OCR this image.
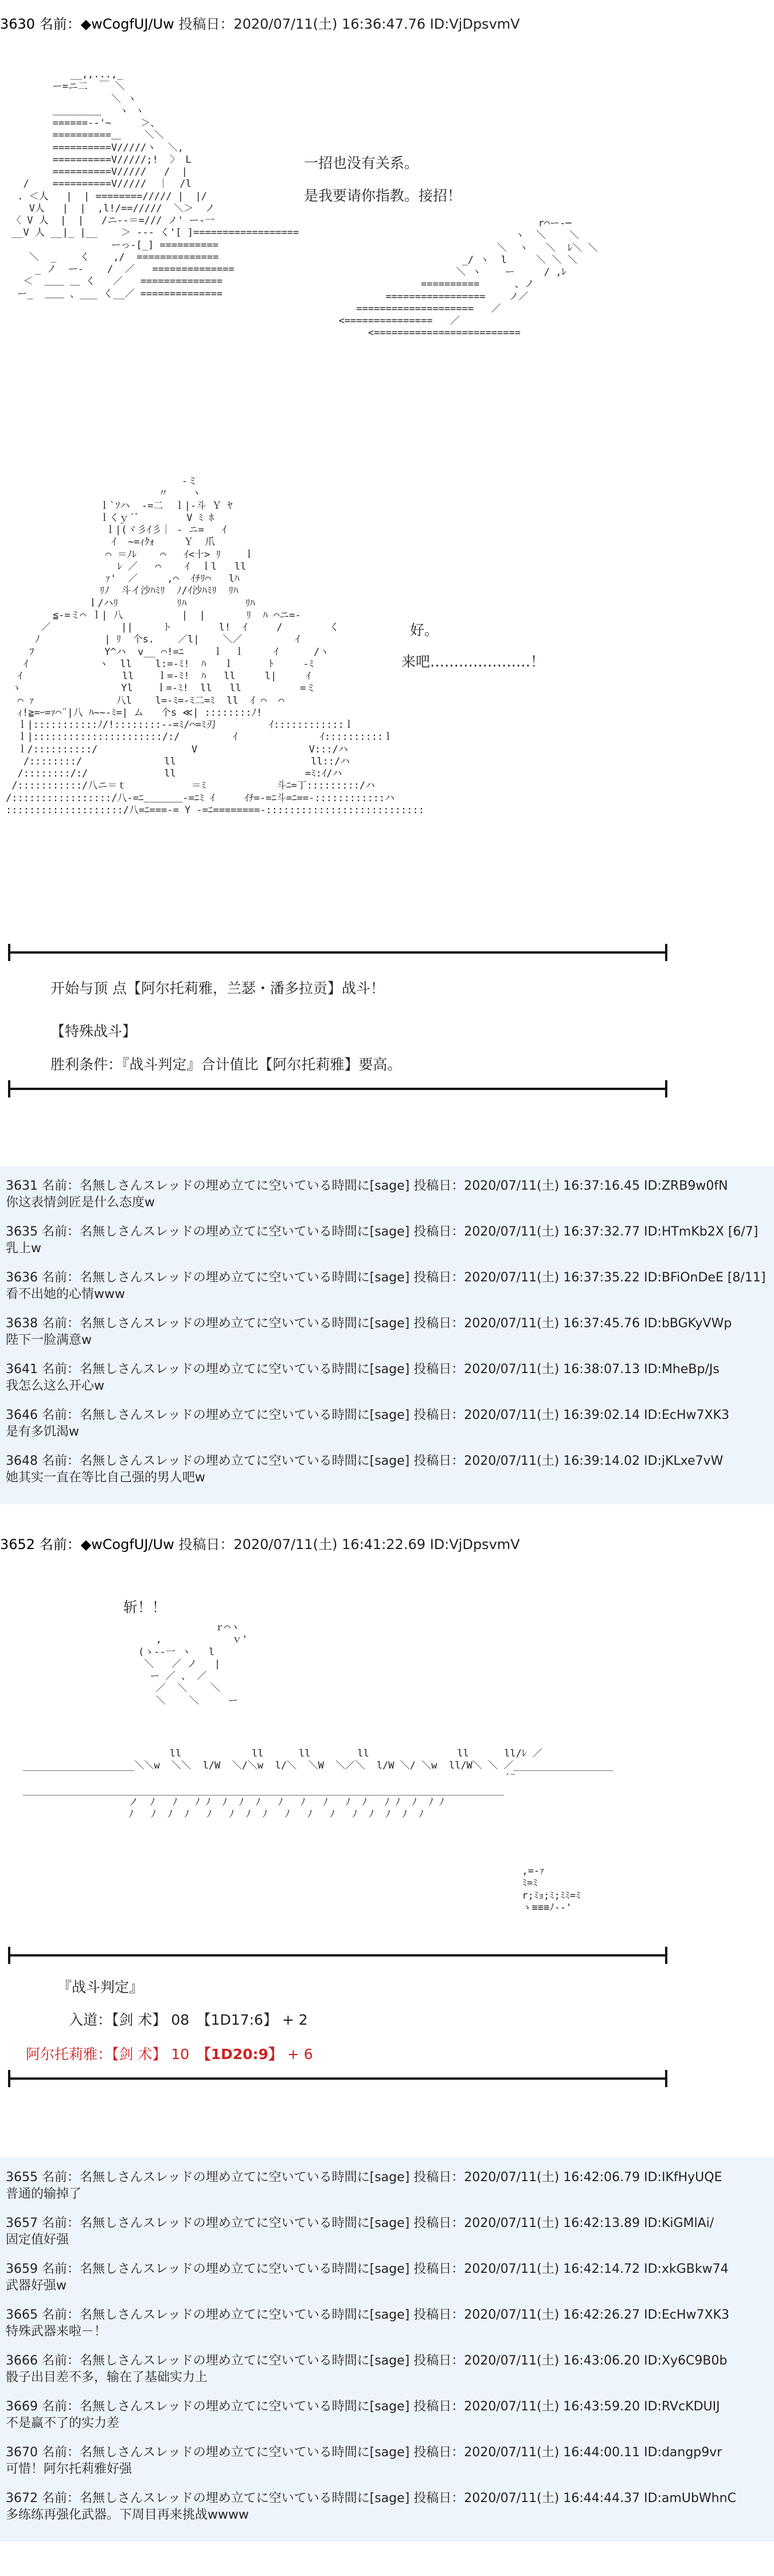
3630 名前：◆wCogfUJ/Uw 投稿日：2020/07/11(土) 16:36:47.76 ID:VjDpsvmV
__,,...,_
ー=ニ二  ￣ ＼
＼ ヽ
＿＿＿＿＿   ヽ ヽ
======-‐'~     ＞、
==========＿    ＼＼
==========V/////ヽ  ＼,
==========V/////;!  〉 L
==========V/////   /  |
/    ==========V/////  ｜  /l
. ＜人   |  | ========///// |  |/
V人   |  |  ,l!/==/////  ＼＞  ノ
〈 V 人  |  |   /ニ--＝=/// ノ' ー-一
__V 人 __|_ |__    ＞ --- く'[ ]==================
ーっ‐[_] ==========
＼  _    く    ,/  ==============
_ ノ  ー‐    /  ／   ==============
＜  ＿＿ ＿ く   ／   ==============
ー_  ＿＿ 、___ く__／ ==============

r⌒ー‐─
ヽ  ＼    ＼
＼  ヽ   ＼  ﾚ＼ ＼
_/ ヽ  l     ＼ ＼ ＼
＼ ヽ    ー     / ,ﾚ
==========      、ノ
=================    ノ／
====================   ／
<===============   ／
<=========================

一招也没有关系。
是我要请你指教。接招！
-ミ
〃    ヽ
ｌ`ｿハ  -=二  ｌ|-斗 Ｙ ﾔ
ｌくｙ´ﾞ        V ﾐ ﾎ
ｌ|(ヾ彡ｲ彡｜ ‐ ニ=   ｲ
ｲ  ~=ｨｸｫ     Ｙ  爪
⌒ ＝ﾉﾚ    ⌒   ｲ<十> ﾘ    ｌ
ﾚ ／   ⌒    ｲ  ｌl   ll
ｧ'  ／     ,⌒  ｲﾁﾘ⌒   lﾊ
ﾘﾉ  斗イ沙ﾊﾐﾘ  ﾉ/ｲ沙ﾊﾐﾘ  ﾘﾊ
ｌ/ハﾘ          ﾘﾊ          ﾘﾊ
≦-=ミ⌒ ｌ| 八          |  |       ﾘ  ﾊ ⌒ニ=-
／            ||     ト        l!  ｲ     /        く
ﾉ           | ﾘ  个s.    ／l|    ＼／         ｲ
ﾌ            Y^ハ  v__ ⌒!=ﾆ     ｌ  ｌ     ｲ      /ヽ
ｲ            ヽ  ll    l:=-ﾐ!  ﾊ   ｌ      ﾄ     -ﾐ
ｲ                 ll    ｌ=-ﾐ!  ﾊ   ll     l|     ｲ
ゝ                 Yl    ｌ=-ﾐ!  ll   ll          =ミ
⌒ ｧ              八l    l=-ﾐ=-ﾐ二=ﾐ  ll  ｲ ⌒  ⌒
ｨ!≧=ｰ=ｧ⌒¨|八 ﾊ~~-ﾐ=| ム   个s ≪| ::::::::ﾉ!
ｌ|:::::::::::ﾉ/!::::::::--=ﾐ/⌒=ﾐ刃         ｲ::::::::::::ｌ
ｌ|::::::::::::::::::::::/:/         ｲ              ｲ::::::::::ｌ
ｌ/::::::::::/                V                   V:::/ハ
/::::::::/              ll                       ll::/ハ
/::::::::/:/             ll                      =ﾐ:ｲ/ハ
/:::::::::::/八ニ＝ｔ           ＝ﾐ            斗ﾆ=丁:::::::::/ハ
/:::::::::::::::::/八-=ﾆ＿＿＿＿-=ﾆﾐ ｲ     ｲﾁ=-=ﾆ斗=ﾆ==-::::::::::::ハ
::::::::::::::::::::/八=ﾆ===-= Y -=ﾆ========-:::::::::::::::::::::::::::

好。
来吧…………………！
开始与顶 点【阿尔托莉雅，兰瑟・潘多拉贡】战斗！
【特殊战斗】
胜利条件：『战斗判定』合计值比【阿尔托莉雅】要高。
3631 名前：名無しさんスレッドの埋め立てに空いている時間に[sage] 投稿日：2020/07/11(土) 16:37:16.45 ID:ZRB9w0fN
你这表情剑匠是什么态度w
3635 名前：名無しさんスレッドの埋め立てに空いている時間に[sage] 投稿日：2020/07/11(土) 16:37:32.77 ID:HTmKb2X [6/7]
乳上w
3636 名前：名無しさんスレッドの埋め立てに空いている時間に[sage] 投稿日：2020/07/11(土) 16:37:35.22 ID:BFiOnDeE [8/11]
看不出她的心情www
3638 名前：名無しさんスレッドの埋め立てに空いている時間に[sage] 投稿日：2020/07/11(土) 16:37:45.76 ID:bBGKyVWp
陛下一脸满意w
3641 名前：名無しさんスレッドの埋め立てに空いている時間に[sage] 投稿日：2020/07/11(土) 16:38:07.13 ID:MheBp/Js
我怎么这么开心w
3646 名前：名無しさんスレッドの埋め立てに空いている時間に[sage] 投稿日：2020/07/11(土) 16:39:02.14 ID:EcHw7XK3
是有多饥渴w
3648 名前：名無しさんスレッドの埋め立てに空いている時間に[sage] 投稿日：2020/07/11(土) 16:39:14.02 ID:jKLxe7vW
她其实一直在等比自己强的男人吧w
3652 名前：◆wCogfUJ/Uw 投稿日：2020/07/11(土) 16:41:22.69 ID:VjDpsvmV
斩！！
ｒ⌒ヽ
,            ｖ'
(ゝ-‐一 ヽ   l
＼   ／ ノ   |
ー ／ 、 ／
／  ＼    ＼
＼    ＼     ー

ll            ll      ll        ll               ll      ll/ﾚ ／
___________________＼＼w  ＼＼  l/W  ＼/＼w  l/＼  ＼W  ＼／＼  l/W ＼/ ＼w  ll/W＼ ＼ ／_________________
´¨
__________________________________________________________________________________
ノ  ﾉ   ﾉ   ﾉ ﾉ  ﾉ  ﾉ  ﾉ   ﾉ   ﾉ   ﾉ   ﾉ  ﾉ   ﾉ ﾉ  ﾉ  ﾉ ﾉ
ﾉ   ﾉ  ﾉ  ﾉ   ﾉ   ﾉ  ﾉ  ﾉ   ﾉ   ﾉ   ﾉ   ﾉ  ﾉ  ﾉ  ﾉ  ﾉ

,=-ｧ
ﾐ=ﾐ
r;ﾐｮ;ﾐ;ﾐﾐ=ﾐ
ゝ≡≡≡ﾉ-‐'

『战斗判定』
入道：【剑 术】 08　 【1D17:6】 + 2
阿尔托莉雅：【剑 术】 10　 【1D20:9】 + 6
3655 名前：名無しさんスレッドの埋め立てに空いている時間に[sage] 投稿日：2020/07/11(土) 16:42:06.79 ID:IKfHyUQE
普通的输掉了
3657 名前：名無しさんスレッドの埋め立てに空いている時間に[sage] 投稿日：2020/07/11(土) 16:42:13.89 ID:KiGMlAi/
固定值好强
3659 名前：名無しさんスレッドの埋め立てに空いている時間に[sage] 投稿日：2020/07/11(土) 16:42:14.72 ID:xkGBkw74
武器好强w
3665 名前：名無しさんスレッドの埋め立てに空いている時間に[sage] 投稿日：2020/07/11(土) 16:42:26.27 ID:EcHw7XK3
特殊武器来啦－！
3666 名前：名無しさんスレッドの埋め立てに空いている時間に[sage] 投稿日：2020/07/11(土) 16:43:06.20 ID:Xy6C9B0b
骰子出目差不多，输在了基础实力上
3669 名前：名無しさんスレッドの埋め立てに空いている時間に[sage] 投稿日：2020/07/11(土) 16:43:59.20 ID:RVcKDUIJ
不是赢不了的实力差
3670 名前：名無しさんスレッドの埋め立てに空いている時間に[sage] 投稿日：2020/07/11(土) 16:44:00.11 ID:dangp9vr
可惜！阿尔托莉雅好强
3672 名前：名無しさんスレッドの埋め立てに空いている時間に[sage] 投稿日：2020/07/11(土) 16:44:44.37 ID:amUbWhnC
多练练再强化武器。下周目再来挑战wwww
